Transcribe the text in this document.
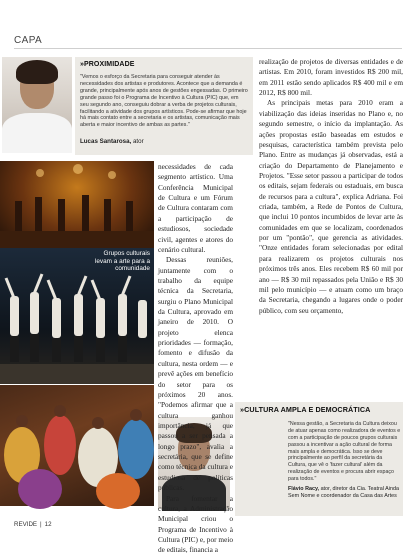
CAPA
Grupos culturais levam a arte para a comunidade
»PROXIMIDADE
"Vemos o esforço da Secretaria para conseguir atender às necessidades dos artistas e produtores. Acontece que a demanda é grande, principalmente após anos de gestões engessadas. O primeiro grande passo foi o Programa de Incentivo à Cultura (PIC) que, em seu segundo ano, conseguiu dobrar a verba de projetos culturais, facilitando a atividade dos grupos artísticos. Pode-se afirmar que hoje há mais contato entre a secretaria e os artistas, comunicação mais aberta e maior incentivo de ambas as partes."
Lucas Santarosa, ator

necessidades de cada segmento artístico. Uma Conferência Municipal de Cultura e um Fórum de Cultura contaram com a participação de estudiosos, sociedade civil, agentes e atores do cenário cultural.

Dessas reuniões, juntamente com o trabalho da equipe técnica da Secretaria, surgiu o Plano Municipal da Cultura, aprovado em janeiro de 2010. O projeto elenca prioridades — formação, fomento e difusão da cultura, nesta ordem — e prevê ações em benefício do setor para os próximos 20 anos. "Podemos afirmar que a cultura ganhou importância, já que passou a ser pensada a longo prazo", avalia a secretária, que se define como técnica da cultura e estudiosa de políticas públicas.

Para fomentar a cultura, a Administração Municipal criou o Programa de Incentivo à Cultura (PIC) e, por meio de editais, financia a

realização de projetos de diversas entidades e de artistas. Em 2010, foram investidos R$ 200 mil, em 2011 estão sendo aplicados R$ 400 mil e em 2012, R$ 800 mil.

As principais metas para 2010 eram a viabilização das ideias inseridas no Plano e, no segundo semestre, o início da implantação. As ações propostas estão baseadas em estudos e pesquisas, característica também prevista pelo Plano. Entre as mudanças já observadas, está a criação do Departamento de Planejamento e Projetos. "Esse setor passou a participar de todos os editais, sejam federais ou estaduais, em busca de recursos para a cultura", explica Adriana. Foi criada, também, a Rede de Pontos de Cultura, que inclui 10 pontos incumbidos de levar arte às comunidades em que se localizam, coordenados por um "pontão", que gerencia as atividades. "Onze entidades foram selecionadas por edital para realizarem os projetos culturais nos próximos três anos. Eles recebem R$ 60 mil por ano — R$ 30 mil repassados pela União e R$ 30 mil pelo município — e atuam como um braço da Secretaria, chegando a lugares onde o poder público, com seu orçamento,

»CULTURA AMPLA E DEMOCRÁTICA
"Nessa gestão, a Secretaria da Cultura deixou de atuar apenas como realizadora de eventos e com a participação de poucos grupos culturais passou a incentivar a ação cultural de forma mais ampla e democrática. Isso se deve principalmente ao perfil da secretária da Cultura, que vê o 'fazer cultural' além da realização de eventos e procura abrir espaço para todos."
Flávio Racy, ator, diretor da Cia. Teatral Ainda Sem Nome e coordenador da Casa das Artes
REVIDE | 12
